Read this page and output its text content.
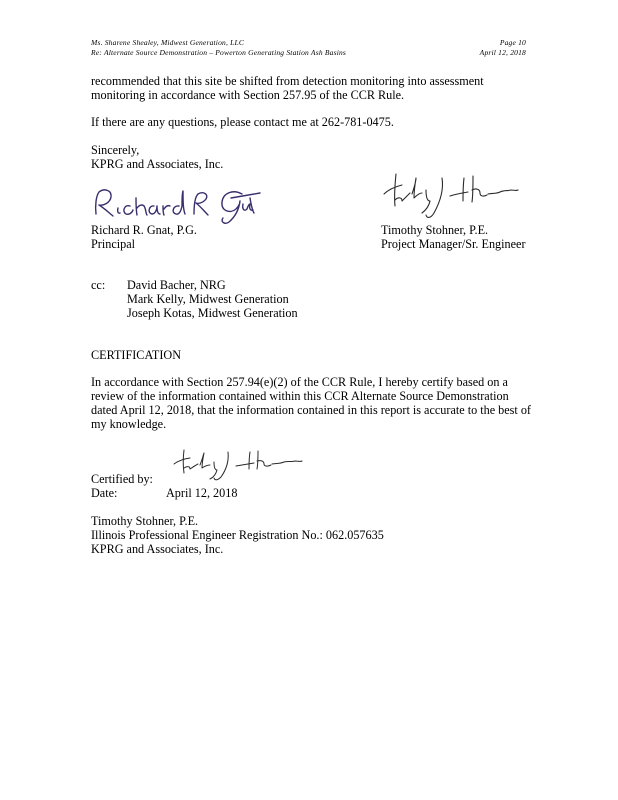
Ms. Sharene Shealey, Midwest Generation, LLC
Re: Alternate Source Demonstration – Powerton Generating Station Ash Basins
Page 10
April 12, 2018
recommended that this site be shifted from detection monitoring into assessment
monitoring in accordance with Section 257.95 of the CCR Rule.
If there are any questions, please contact me at 262-781-0475.
Sincerely,
KPRG and Associates, Inc.
Richard R. Gnat, P.G.
Principal
Timothy Stohner, P.E.
Project Manager/Sr. Engineer
cc: David Bacher, NRG
Mark Kelly, Midwest Generation
Joseph Kotas, Midwest Generation
CERTIFICATION
In accordance with Section 257.94(e)(2) of the CCR Rule, I hereby certify based on a
review of the information contained within this CCR Alternate Source Demonstration
dated April 12, 2018, that the information contained in this report is accurate to the best of
my knowledge.
Certified by:
Date:	April 12, 2018
Timothy Stohner, P.E.
Illinois Professional Engineer Registration No.: 062.057635
KPRG and Associates, Inc.
